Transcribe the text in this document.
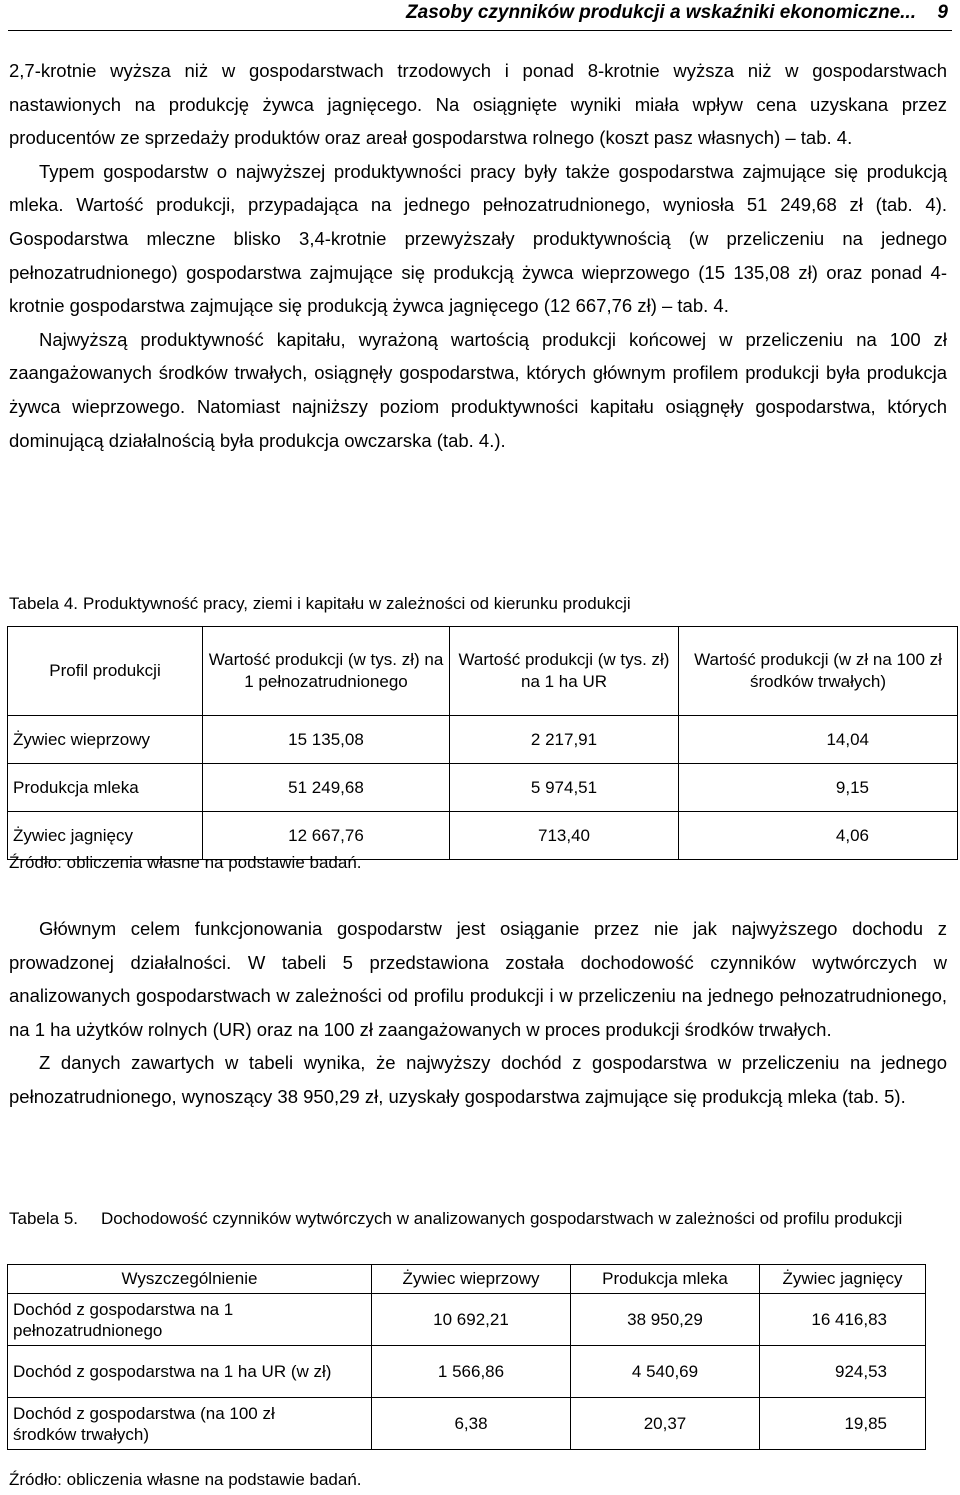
Zasoby czynników produkcji a wskaźniki ekonomiczne... 9

2,7-krotnie wyższa niż w gospodarstwach trzodowych i ponad 8-krotnie wyższa niż w gospodarstwach nastawionych na produkcję żywca jagnięcego. Na osiągnięte wyniki miała wpływ cena uzyskana przez producentów ze sprzedaży produktów oraz areał gospodarstwa rolnego (koszt pasz własnych) – tab. 4.

Typem gospodarstw o najwyższej produktywności pracy były także gospodarstwa zajmujące się produkcją mleka. Wartość produkcji, przypadająca na jednego pełnozatrudnionego, wyniosła 51 249,68 zł (tab. 4). Gospodarstwa mleczne blisko 3,4-krotnie przewyższały produktywnością (w przeliczeniu na jednego pełnozatrudnionego) gospodarstwa zajmujące się produkcją żywca wieprzowego (15 135,08 zł) oraz ponad 4-krotnie gospodarstwa zajmujące się produkcją żywca jagnięcego (12 667,76 zł) – tab. 4.

Najwyższą produktywność kapitału, wyrażoną wartością produkcji końcowej w przeliczeniu na 100 zł zaangażowanych środków trwałych, osiągnęły gospodarstwa, których głównym profilem produkcji była produkcja żywca wieprzowego. Natomiast najniższy poziom produktywności kapitału osiągnęły gospodarstwa, których dominującą działalnością była produkcja owczarska (tab. 4.).

Tabela 4. Produktywność pracy, ziemi i kapitału w zależności od kierunku produkcji
Profil produkcji	Wartość produkcji (w tys. zł) na 1 pełnozatrudnionego	Wartość produkcji (w tys. zł) na 1 ha UR	Wartość produkcji (w zł na 100 zł środków trwałych)
Żywiec wieprzowy	15 135,08	2 217,91	14,04
Produkcja mleka	51 249,68	5 974,51	9,15
Żywiec jagnięcy	12 667,76	713,40	4,06
Źródło: obliczenia własne na podstawie badań.

Głównym celem funkcjonowania gospodarstw jest osiąganie przez nie jak najwyższego dochodu z prowadzonej działalności. W tabeli 5 przedstawiona została dochodowość czynników wytwórczych w analizowanych gospodarstwach w zależności od profilu produkcji i w przeliczeniu na jednego pełnozatrudnionego, na 1 ha użytków rolnych (UR) oraz na 100 zł zaangażowanych w proces produkcji środków trwałych.

Z danych zawartych w tabeli wynika, że najwyższy dochód z gospodarstwa w przeliczeniu na jednego pełnozatrudnionego, wynoszący 38 950,29 zł, uzyskały gospodarstwa zajmujące się produkcją mleka (tab. 5).

Tabela 5. Dochodowość czynników wytwórczych w analizowanych gospodarstwach w zależności od profilu produkcji
Wyszczególnienie	Żywiec wieprzowy	Produkcja mleka	Żywiec jagnięcy
Dochód z gospodarstwa na 1 pełnozatrudnionego	10 692,21	38 950,29	16 416,83
Dochód z gospodarstwa na 1 ha UR (w zł)	1 566,86	4 540,69	924,53
Dochód z gospodarstwa (na 100 zł środków trwałych)	6,38	20,37	19,85
Źródło: obliczenia własne na podstawie badań.
